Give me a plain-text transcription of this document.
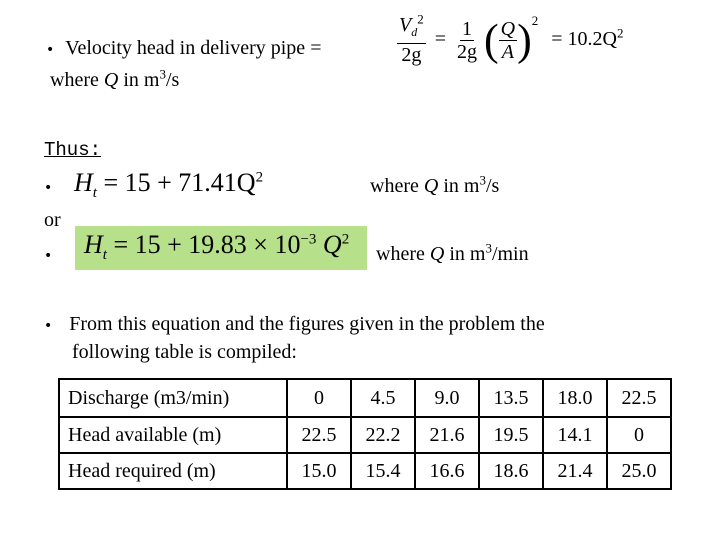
• Velocity head in delivery pipe =	$\frac{V_d^2}{2g} = \frac{1}{2g}$ ( $\frac{Q}{A} )^2 = 10.2Q^2$
where Q in $m^3/s$
Thus:
• $H_t = 15 + 71.41Q^2$	where Q in $m^3/s$
or
• $H_t = 15 + 19.83 \times 10^{-3}$ $Q^2$
where Q in $m^3/\min$
• From this equation and the figures given in the problem the
following table is compiled:
Discharge (m3/min)	0	4.5	9.0	13.5	18.0	22.5
Head available (m)	22.5	22.2	21.6	19.5	14.1	0
Head required (m)	15.0	15.4	16.6	18.6	21.4	25.0
